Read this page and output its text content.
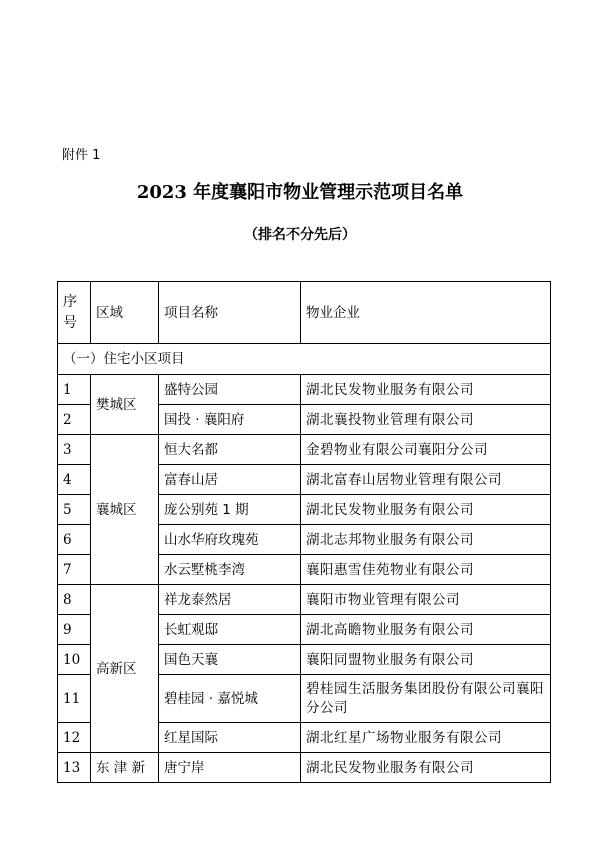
附件 1
2023 年度襄阳市物业管理示范项目名单
（排名不分先后）
序号	区域	项目名称	物业企业
（一）住宅小区项目			
1	樊城区	盛特公园	湖北民发物业服务有限公司
2		国投 · 襄阳府	湖北襄投物业管理有限公司
3	襄城区	恒大名都	金碧物业有限公司襄阳分公司
4		富春山居	湖北富春山居物业管理有限公司
5		庞公别苑 1 期	湖北民发物业服务有限公司
6		山水华府玫瑰苑	湖北志邦物业服务有限公司
7		水云墅桃李湾	襄阳惠雪佳苑物业有限公司
8	高新区	祥龙泰然居	襄阳市物业管理有限公司
9		长虹观邸	湖北高瞻物业服务有限公司
10		国色天襄	襄阳同盟物业服务有限公司
11		碧桂园 · 嘉悦城	碧桂园生活服务集团股份有限公司襄阳分公司
12		红星国际	湖北红星广场物业服务有限公司
13	东 津 新	唐宁岸	湖北民发物业服务有限公司
